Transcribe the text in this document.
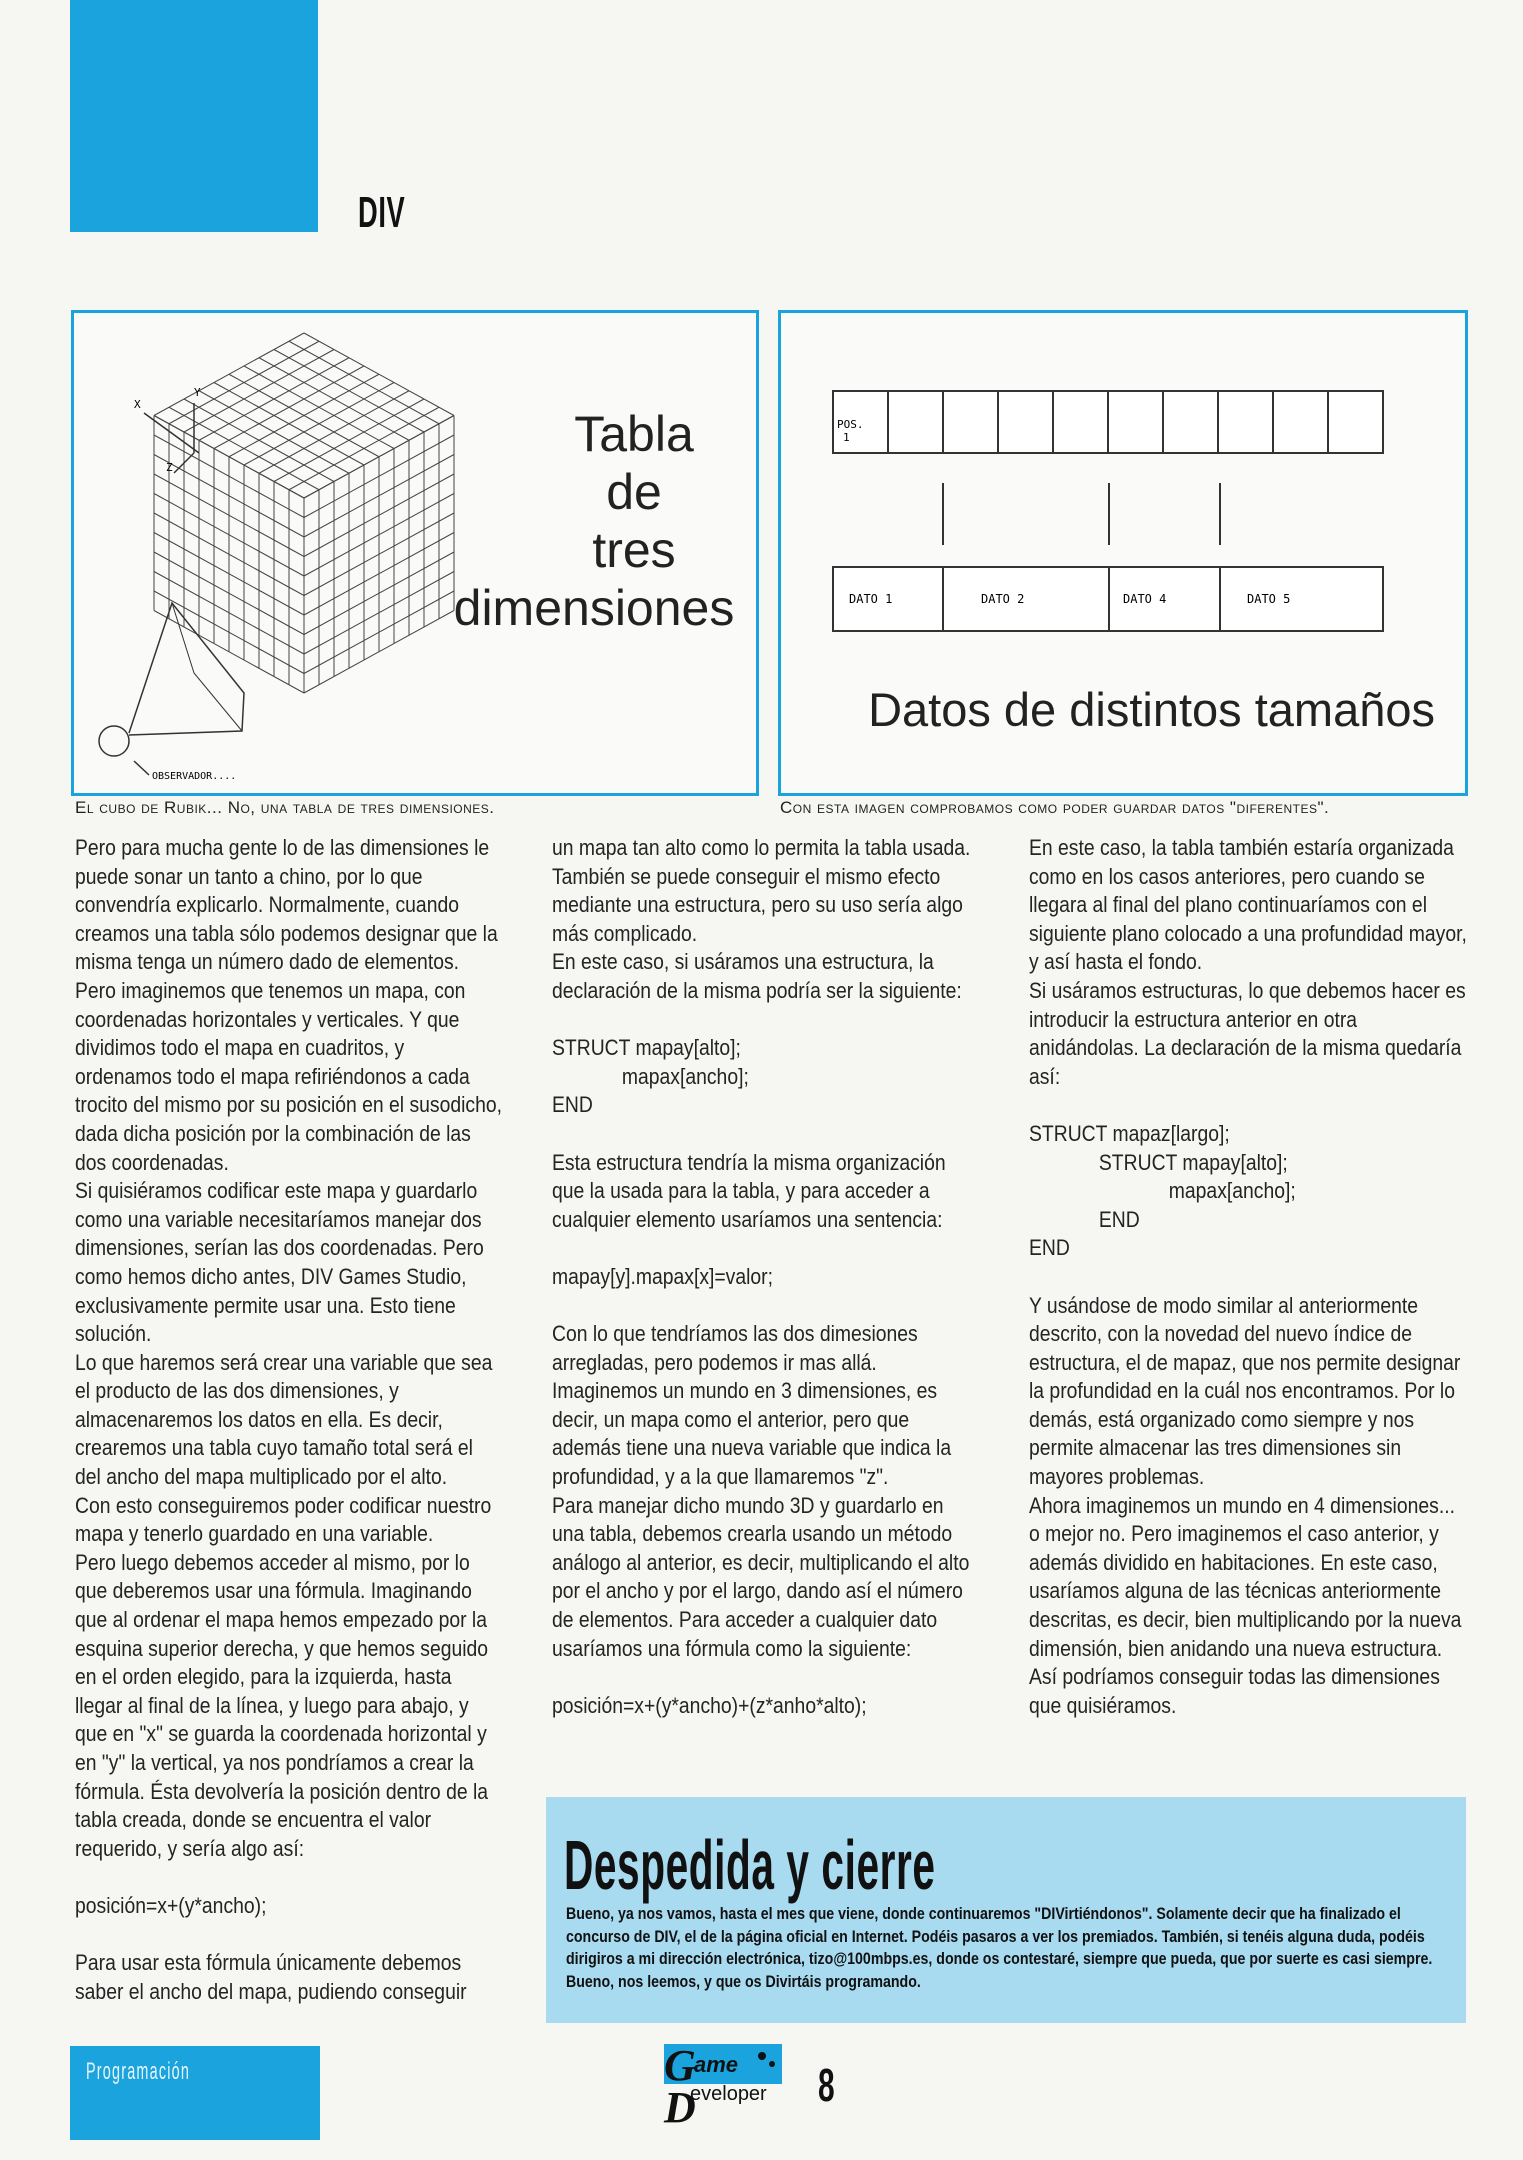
DIV
Y
X
Z
OBSERVADOR....
Tabla
de
tres
dimensiones
El cubo de Rubik... No, una tabla de tres dimensiones.
POS.
1
DATO 1	DATO 2	DATO 4	DATO 5
Datos de distintos tamaños
Con esta imagen comprobamos como poder guardar datos "diferentes".

Pero para mucha gente lo de las dimensiones le puede sonar un tanto a chino, por lo que convendría explicarlo. Normalmente, cuando creamos una tabla sólo podemos designar que la misma tenga un número dado de elementos.  Pero imaginemos que tenemos un mapa, con coordenadas horizontales y verticales. Y que dividimos todo el mapa en cuadritos, y ordenamos todo el mapa refiriéndonos a cada trocito del mismo por su posición en el susodicho, dada dicha posición por la combinación de las dos coordenadas.

Si quisiéramos codificar este mapa y guardarlo como una variable necesitaríamos manejar dos dimensiones, serían las dos coordenadas. Pero como hemos dicho antes, DIV Games Studio, exclusivamente permite usar una. Esto tiene solución.

Lo que haremos será crear una variable que sea el producto de las dos dimensiones, y almacenaremos los datos en ella. Es decir, crearemos una tabla cuyo tamaño total será el del ancho del mapa multiplicado por el alto.

Con esto conseguiremos poder codificar nuestro mapa y tenerlo guardado en una variable.

Pero luego debemos acceder al mismo, por lo que deberemos usar una fórmula. Imaginando que al ordenar el mapa hemos empezado por la esquina superior derecha, y que hemos seguido en el orden elegido, para la izquierda, hasta llegar al final de la línea, y luego para abajo, y que en "x" se guarda la coordenada horizontal y en "y" la vertical, ya nos pondríamos a crear la fórmula. Ésta devolvería la posición dentro de la tabla creada, donde se encuentra el valor requerido, y sería algo así:

posición=x+(y*ancho);

Para usar esta fórmula únicamente debemos saber el ancho del mapa, pudiendo conseguir

un mapa tan alto como lo permita la tabla usada. También se puede conseguir el mismo efecto mediante una estructura, pero su uso sería algo más complicado.

En este caso, si usáramos una estructura, la declaración de la misma podría ser la siguiente:

STRUCT mapay[alto];

mapax[ancho];

END

Esta estructura tendría la misma organización que la usada para la tabla, y para acceder a cualquier elemento usaríamos una sentencia:

mapay[y].mapax[x]=valor;

Con lo que tendríamos las dos dimesiones arregladas, pero podemos ir mas allá. Imaginemos un mundo en 3 dimensiones, es decir, un mapa como el anterior, pero que además tiene una nueva variable que indica la profundidad, y a la que llamaremos "z".

Para manejar dicho mundo 3D y guardarlo en una tabla, debemos crearla usando un método análogo al anterior, es decir, multiplicando el alto por el ancho y por el largo, dando así el número de elementos. Para acceder a cualquier dato usaríamos una fórmula como la siguiente:

posición=x+(y*ancho)+(z*anho*alto);

En este caso, la tabla también estaría organizada como en los casos anteriores, pero cuando se llegara al final del plano continuaríamos con el siguiente plano colocado a una profundidad mayor, y así hasta el fondo.

Si usáramos estructuras, lo que debemos hacer es introducir la estructura anterior en otra anidándolas. La declaración de la misma quedaría así:

STRUCT mapaz[largo];

STRUCT mapay[alto];

mapax[ancho];

END

END

Y usándose de modo similar al anteriormente descrito, con la novedad del nuevo índice de estructura, el de mapaz, que nos permite designar la profundidad en la cuál nos encontramos. Por lo demás, está organizado como siempre y nos permite almacenar las tres dimensiones sin mayores problemas.

Ahora imaginemos un mundo en 4 dimensiones... o mejor no. Pero imaginemos el caso anterior, y además dividido en habitaciones. En este caso, usaríamos alguna de las técnicas anteriormente descritas, es decir, bien multiplicando por la nueva dimensión, bien anidando una nueva estructura. Así podríamos conseguir todas las dimensiones que quisiéramos.

Despedida y cierre
Bueno, ya nos vamos, hasta el mes que viene, donde continuaremos "DIVirtiéndonos". Solamente decir que ha finalizado el concurso de DIV, el de la página oficial en Internet. Podéis pasaros a ver los premiados. También, si tenéis alguna duda, podéis dirigiros a mi dirección electrónica, tizo@100mbps.es, donde os contestaré, siempre que pueda, que por suerte es casi siempre. Bueno, nos leemos, y que os Divirtáis programando.
Programación	G
D
ame
eveloper 8
